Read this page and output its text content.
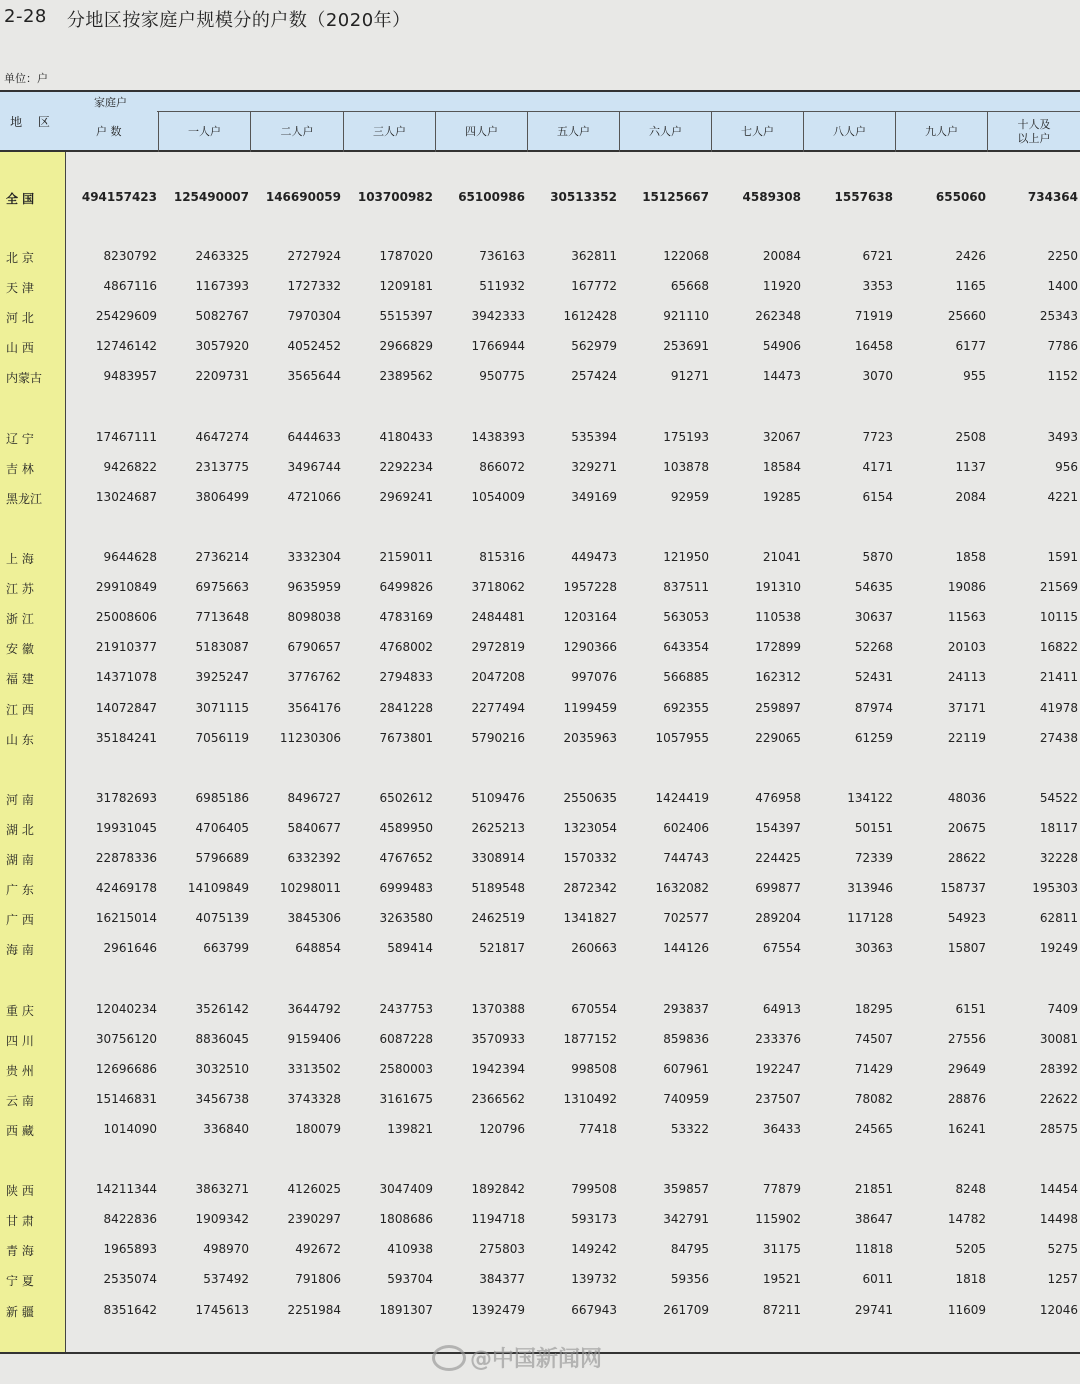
2-28 分地区按家庭户规模分的户数（2020年）
单位：户
地 区
家庭户
户 数	一人户	二人户	三人户	四人户	五人户	六人户	七人户	八人户	九人户
十人及
以上户
全 国	494157423 125490007 146690059 103700982 65100986 30513352 15125667	4589308	1557638	655060	734364
北 京	8230792	2463325	2727924	1787020	736163	362811	122068	20084	6721	2426	2250
天 津	4867116	1167393	1727332	1209181	511932	167772	65668	11920	3353	1165	1400
河 北	25429609	5082767	7970304	5515397	3942333	1612428	921110	262348	71919	25660	25343
山 西	12746142	3057920	4052452	2966829	1766944	562979	253691	54906	16458	6177	7786
内蒙古	9483957	2209731	3565644	2389562	950775	257424	91271	14473	3070	955	1152
辽 宁	17467111	4647274	6444633	4180433	1438393	535394	175193	32067	7723	2508	3493
吉 林	9426822	2313775	3496744	2292234	866072	329271	103878	18584	4171	1137	956
黑龙江	13024687	3806499	4721066	2969241	1054009	349169	92959	19285	6154	2084	4221
上 海	9644628	2736214	3332304	2159011	815316	449473	121950	21041	5870	1858	1591
江 苏	29910849	6975663	9635959	6499826	3718062	1957228	837511	191310	54635	19086	21569
浙 江	25008606	7713648	8098038	4783169	2484481	1203164	563053	110538	30637	11563	10115
安 徽	21910377	5183087	6790657	4768002	2972819	1290366	643354	172899	52268	20103	16822
福 建	14371078	3925247	3776762	2794833	2047208	997076	566885	162312	52431	24113	21411
江 西	14072847	3071115	3564176	2841228	2277494	1199459	692355	259897	87974	37171	41978
山 东	35184241	7056119	11230306	7673801	5790216	2035963	1057955	229065	61259	22119	27438
河 南	31782693	6985186	8496727	6502612	5109476	2550635	1424419	476958	134122	48036	54522
湖 北	19931045	4706405	5840677	4589950	2625213	1323054	602406	154397	50151	20675	18117
湖 南	22878336	5796689	6332392	4767652	3308914	1570332	744743	224425	72339	28622	32228
广 东	42469178	14109849	10298011	6999483	5189548	2872342	1632082	699877	313946	158737	195303
广 西	16215014	4075139	3845306	3263580	2462519	1341827	702577	289204	117128	54923	62811
海 南	2961646	663799	648854	589414	521817	260663	144126	67554	30363	15807	19249
重 庆	12040234	3526142	3644792	2437753	1370388	670554	293837	64913	18295	6151	7409
四 川	30756120	8836045	9159406	6087228	3570933	1877152	859836	233376	74507	27556	30081
贵 州	12696686	3032510	3313502	2580003	1942394	998508	607961	192247	71429	29649	28392
云 南	15146831	3456738	3743328	3161675	2366562	1310492	740959	237507	78082	28876	22622
西 藏	1014090	336840	180079	139821	120796	77418	53322	36433	24565	16241	28575
陕 西	14211344	3863271	4126025	3047409	1892842	799508	359857	77879	21851	8248	14454
甘 肃	8422836	1909342	2390297	1808686	1194718	593173	342791	115902	38647	14782	14498
青 海	1965893	498970	492672	410938	275803	149242	84795	31175	11818	5205	5275
宁 夏	2535074	537492	791806	593704	384377	139732	59356	19521	6011	1818	1257
新 疆	8351642	1745613	2251984	1891307	1392479	667943	261709	87211	29741	11609	12046
@中国新闻网
